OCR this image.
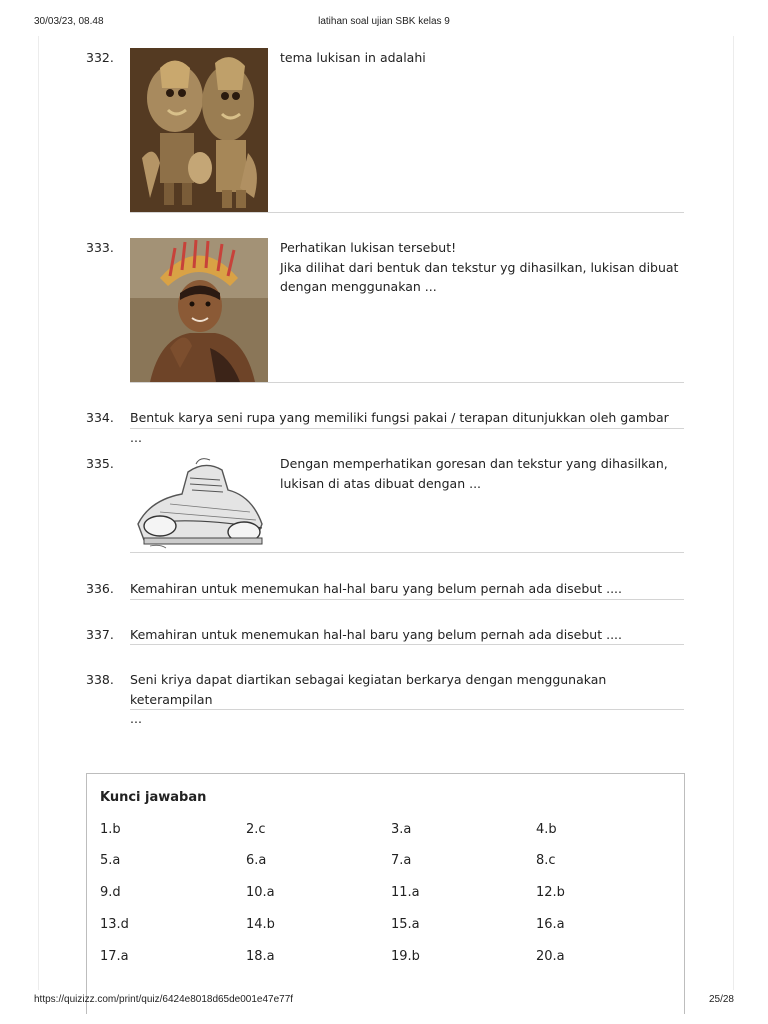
30/03/23, 08.48	latihan soal ujian SBK kelas 9
332.	tema lukisan in adalahi
333.	Perhatikan lukisan tersebut!
Jika dilihat dari bentuk dan tekstur yg dihasilkan, lukisan dibuat
dengan menggunakan ...
334. Bentuk karya seni rupa yang memiliki fungsi pakai / terapan ditunjukkan oleh gambar ...
335.	Dengan memperhatikan goresan dan tekstur yang dihasilkan,
lukisan di atas dibuat dengan ...
336. Kemahiran untuk menemukan hal-hal baru yang belum pernah ada disebut ....
337. Kemahiran untuk menemukan hal-hal baru yang belum pernah ada disebut ....
338. Seni kriya dapat diartikan sebagai kegiatan berkarya dengan menggunakan keterampilan
...
Kunci jawaban
1.b	2.c	3.a	4.b
5.a	6.a	7.a	8.c
9.d	10.a	11.a	12.b
13.d	14.b	15.a	16.a
17.a	18.a	19.b	20.a
https://quizizz.com/print/quiz/6424e8018d65de001e47e77f	25/28
